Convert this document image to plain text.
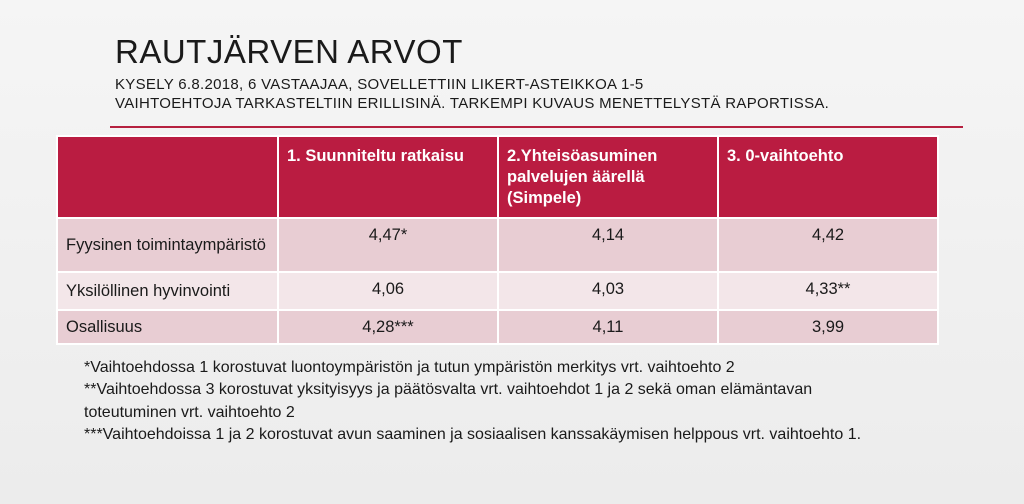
RAUTJÄRVEN ARVOT
KYSELY 6.8.2018, 6 VASTAAJAA, SOVELLETTIIN LIKERT-ASTEIKKOA 1-5
VAIHTOEHTOJA TARKASTELTIIN ERILLISINÄ. TARKEMPI KUVAUS MENETTELYSTÄ RAPORTISSA.
	1. Suunniteltu ratkaisu	2.Yhteisöasuminen palvelujen äärellä (Simpele)	3. 0-vaihtoehto
Fyysinen toimintaympäristö	4,47*	4,14	4,42
Yksilöllinen hyvinvointi	4,06	4,03	4,33**
Osallisuus	4,28***	4,11	3,99
*Vaihtoehdossa 1 korostuvat luontoympäristön ja tutun ympäristön merkitys vrt. vaihtoehto 2
**Vaihtoehdossa 3 korostuvat yksityisyys ja päätösvalta vrt. vaihtoehdot 1 ja 2 sekä oman elämäntavan toteutuminen vrt. vaihtoehto 2
***Vaihtoehdoissa 1 ja 2 korostuvat avun saaminen ja sosiaalisen kanssakäymisen helppous vrt. vaihtoehto 1.
